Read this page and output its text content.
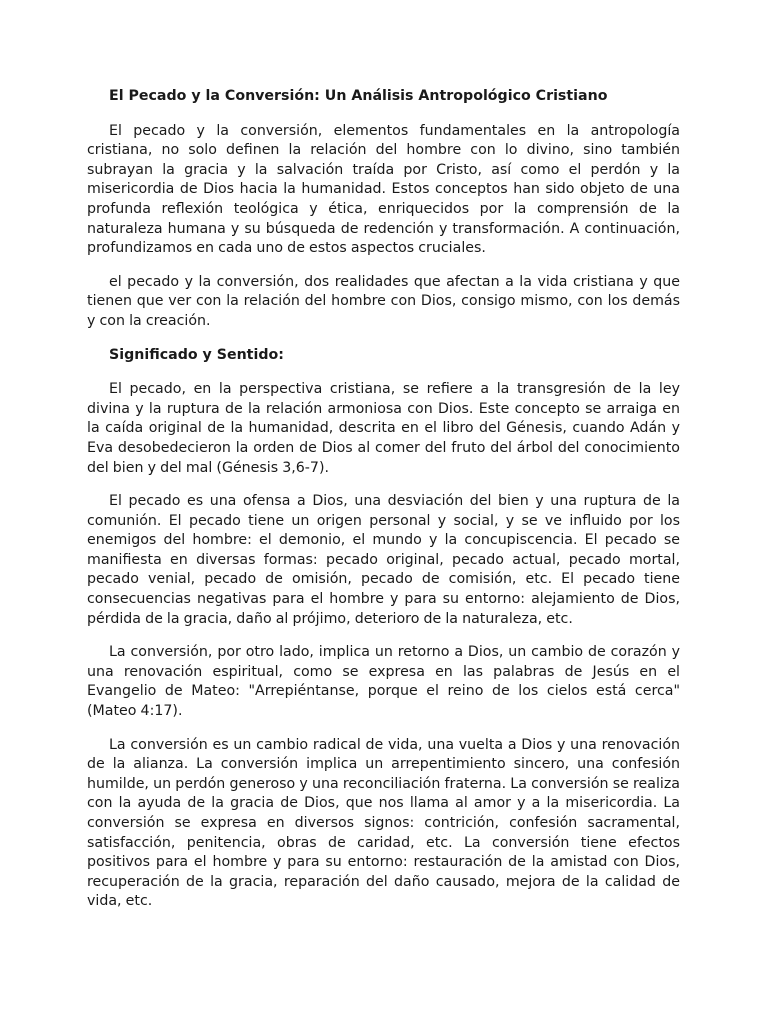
El Pecado y la Conversión: Un Análisis Antropológico Cristiano

El pecado y la conversión, elementos fundamentales en la antropología cristiana, no solo definen la relación del hombre con lo divino, sino también subrayan la gracia y la salvación traída por Cristo, así como el perdón y la misericordia de Dios hacia la humanidad. Estos conceptos han sido objeto de una profunda reflexión teológica y ética, enriquecidos por la comprensión de la naturaleza humana y su búsqueda de redención y transformación. A continuación, profundizamos en cada uno de estos aspectos cruciales.

el pecado y la conversión, dos realidades que afectan a la vida cristiana y que tienen que ver con la relación del hombre con Dios, consigo mismo, con los demás y con la creación.

Significado y Sentido:

El pecado, en la perspectiva cristiana, se refiere a la transgresión de la ley divina y la ruptura de la relación armoniosa con Dios. Este concepto se arraiga en la caída original de la humanidad, descrita en el libro del Génesis, cuando Adán y Eva desobedecieron la orden de Dios al comer del fruto del árbol del conocimiento del bien y del mal (Génesis 3,6-7).

El pecado es una ofensa a Dios, una desviación del bien y una ruptura de la comunión. El pecado tiene un origen personal y social, y se ve influido por los enemigos del hombre: el demonio, el mundo y la concupiscencia. El pecado se manifiesta en diversas formas: pecado original, pecado actual, pecado mortal, pecado venial, pecado de omisión, pecado de comisión, etc. El pecado tiene consecuencias negativas para el hombre y para su entorno: alejamiento de Dios, pérdida de la gracia, daño al prójimo, deterioro de la naturaleza, etc.

La conversión, por otro lado, implica un retorno a Dios, un cambio de corazón y una renovación espiritual, como se expresa en las palabras de Jesús en el Evangelio de Mateo: "Arrepiéntanse, porque el reino de los cielos está cerca" (Mateo 4:17).

La conversión es un cambio radical de vida, una vuelta a Dios y una renovación de la alianza. La conversión implica un arrepentimiento sincero, una confesión humilde, un perdón generoso y una reconciliación fraterna. La conversión se realiza con la ayuda de la gracia de Dios, que nos llama al amor y a la misericordia. La conversión se expresa en diversos signos: contrición, confesión sacramental, satisfacción, penitencia, obras de caridad, etc. La conversión tiene efectos positivos para el hombre y para su entorno: restauración de la amistad con Dios, recuperación de la gracia, reparación del daño causado, mejora de la calidad de vida, etc.
